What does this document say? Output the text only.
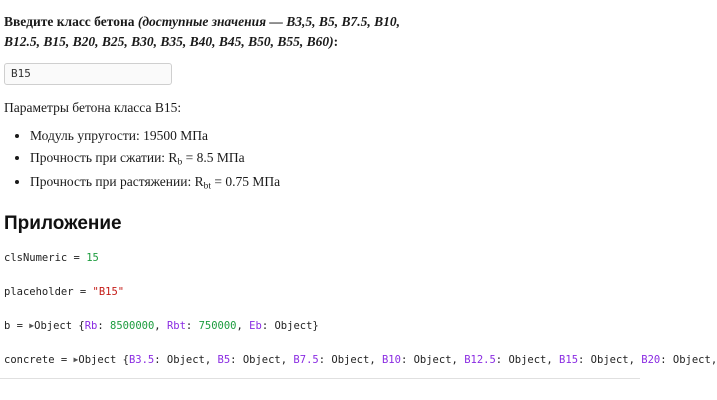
Введите класс бетона (доступные значения — B3,5, B5, B7.5, B10, B12.5, B15, B20, B25, B30, B35, B40, B45, B50, B55, B60):

B15

Параметры бетона класса B15:

• Модуль упругости: 19500 МПа
• Прочность при сжатии: $R_b = 8.5$ МПа
• Прочность при растяжении: $R_{bt} = 0.75$ МПа
Приложение
clsNumeric = 15
placeholder = "B15"
b = ▶Object {Rb: 8500000, Rbt: 750000, Eb: Object}
concrete = ▶Object {B3.5: Object, B5: Object, B7.5: Object, B10: Object, B12.5: Object, B15: Object, B20: Object,
